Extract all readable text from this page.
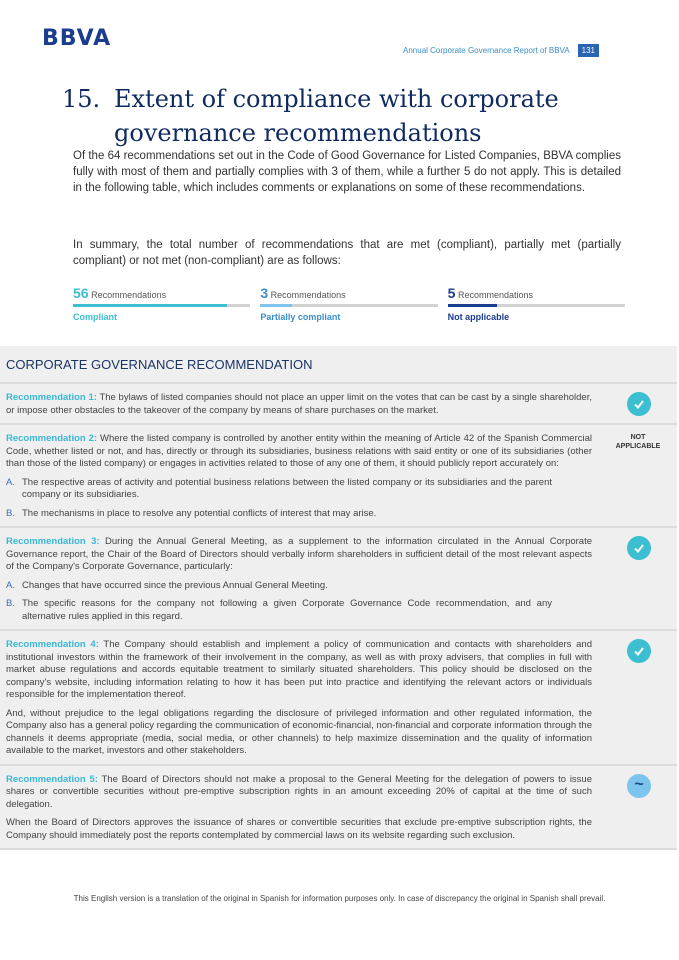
BBVA	Annual Corporate Governance Report of BBVA	131
15. Extent of compliance with corporate
governance recommendations

Of the 64 recommendations set out in the Code of Good Governance for Listed Companies, BBVA complies fully with most of them and partially complies with 3 of them, while a further 5 do not apply. This is detailed in the following table, which includes comments or explanations on some of these recommendations.

In summary, the total number of recommendations that are met (compliant), partially met (partially compliant) or not met (non-compliant) are as follows:

56 Recommendations
Compliant
3 Recommendations
Partially compliant
5 Recommendations
Not applicable
CORPORATE GOVERNANCE RECOMMENDATION

Recommendation 1: The bylaws of listed companies should not place an upper limit on the votes that can be cast by a single shareholder, or impose other obstacles to the takeover of the company by means of share purchases on the market.

Recommendation 2: Where the listed company is controlled by another entity within the meaning of Article 42 of the Spanish Commercial Code, whether listed or not, and has, directly or through its subsidiaries, business relations with said entity or one of its subsidiaries (other than those of the listed company) or engages in activities related to those of any one of them, it should publicly report accurately on:

A. The respective areas of activity and potential business relations between the listed company or its subsidiaries and the parent company or its subsidiaries.
B. The mechanisms in place to resolve any potential conflicts of interest that may arise.
NOT APPLICABLE

Recommendation 3: During the Annual General Meeting, as a supplement to the information circulated in the Annual Corporate Governance report, the Chair of the Board of Directors should verbally inform shareholders in sufficient detail of the most relevant aspects of the Company's Corporate Governance, particularly:

A. Changes that have occurred since the previous Annual General Meeting.
B. The specific reasons for the company not following a given Corporate Governance Code recommendation, and any alternative rules applied in this regard.

Recommendation 4: The Company should establish and implement a policy of communication and contacts with shareholders and institutional investors within the framework of their involvement in the company, as well as with proxy advisers, that complies in full with market abuse regulations and accords equitable treatment to similarly situated shareholders. This policy should be disclosed on the company's website, including information relating to how it has been put into practice and identifying the relevant actors or individuals responsible for the implementation thereof.

And, without prejudice to the legal obligations regarding the disclosure of privileged information and other regulated information, the Company also has a general policy regarding the communication of economic-financial, non-financial and corporate information through the channels it deems appropriate (media, social media, or other channels) to help maximize dissemination and the quality of information available to the market, investors and other stakeholders.

Recommendation 5: The Board of Directors should not make a proposal to the General Meeting for the delegation of powers to issue shares or convertible securities without pre-emptive subscription rights in an amount exceeding 20% of capital at the time of such delegation.

When the Board of Directors approves the issuance of shares or convertible securities that exclude pre-emptive subscription rights, the Company should immediately post the reports contemplated by commercial laws on its website regarding such exclusion.

~
This English version is a translation of the original in Spanish for information purposes only. In case of discrepancy the original in Spanish shall prevail.
